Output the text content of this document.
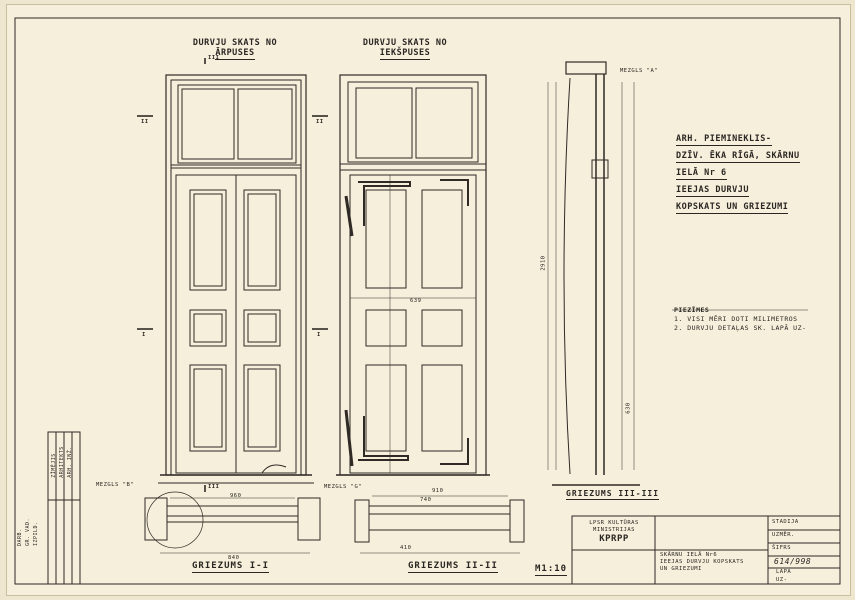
DURVJU SKATS NO
ĀRPUSES
DURVJU SKATS NO
IEKŠPUSES
III
III
II	II
I	I
MEZGLS "A"
MEZGLS "B"	MEZGLS "G"
ARH. PIEMINEKLIS-
DZĪV. ĒKA RĪGĀ, SKĀRNU
IELĀ Nr 6
IEEJAS DURVJU
KOPSKATS UN GRIEZUMI
PIEZĪMES
1. VISI MĒRI DOTI MILIMETROS
2. DURVJU DETAĻAS SK. LAPĀ UZ-
960
840
910
740
410
630
2910
639
GRIEZUMS I-I	GRIEZUMS II-II
GRIEZUMS III-III
M1:10
LPSR KULTŪRAS
MINISTRIJAS
KPRPP
SKĀRNU IELĀ Nr6
IEEJAS DURVJU KOPSKATS
UN GRIEZUMI
STADIJA
UZMĒR.
ŠIFRS
614/998
LAPA
UZ-
DARB. GR. VAD. IZPILD.
ZĪMĒJIS ARHITEKTS ARH. INŽ.
